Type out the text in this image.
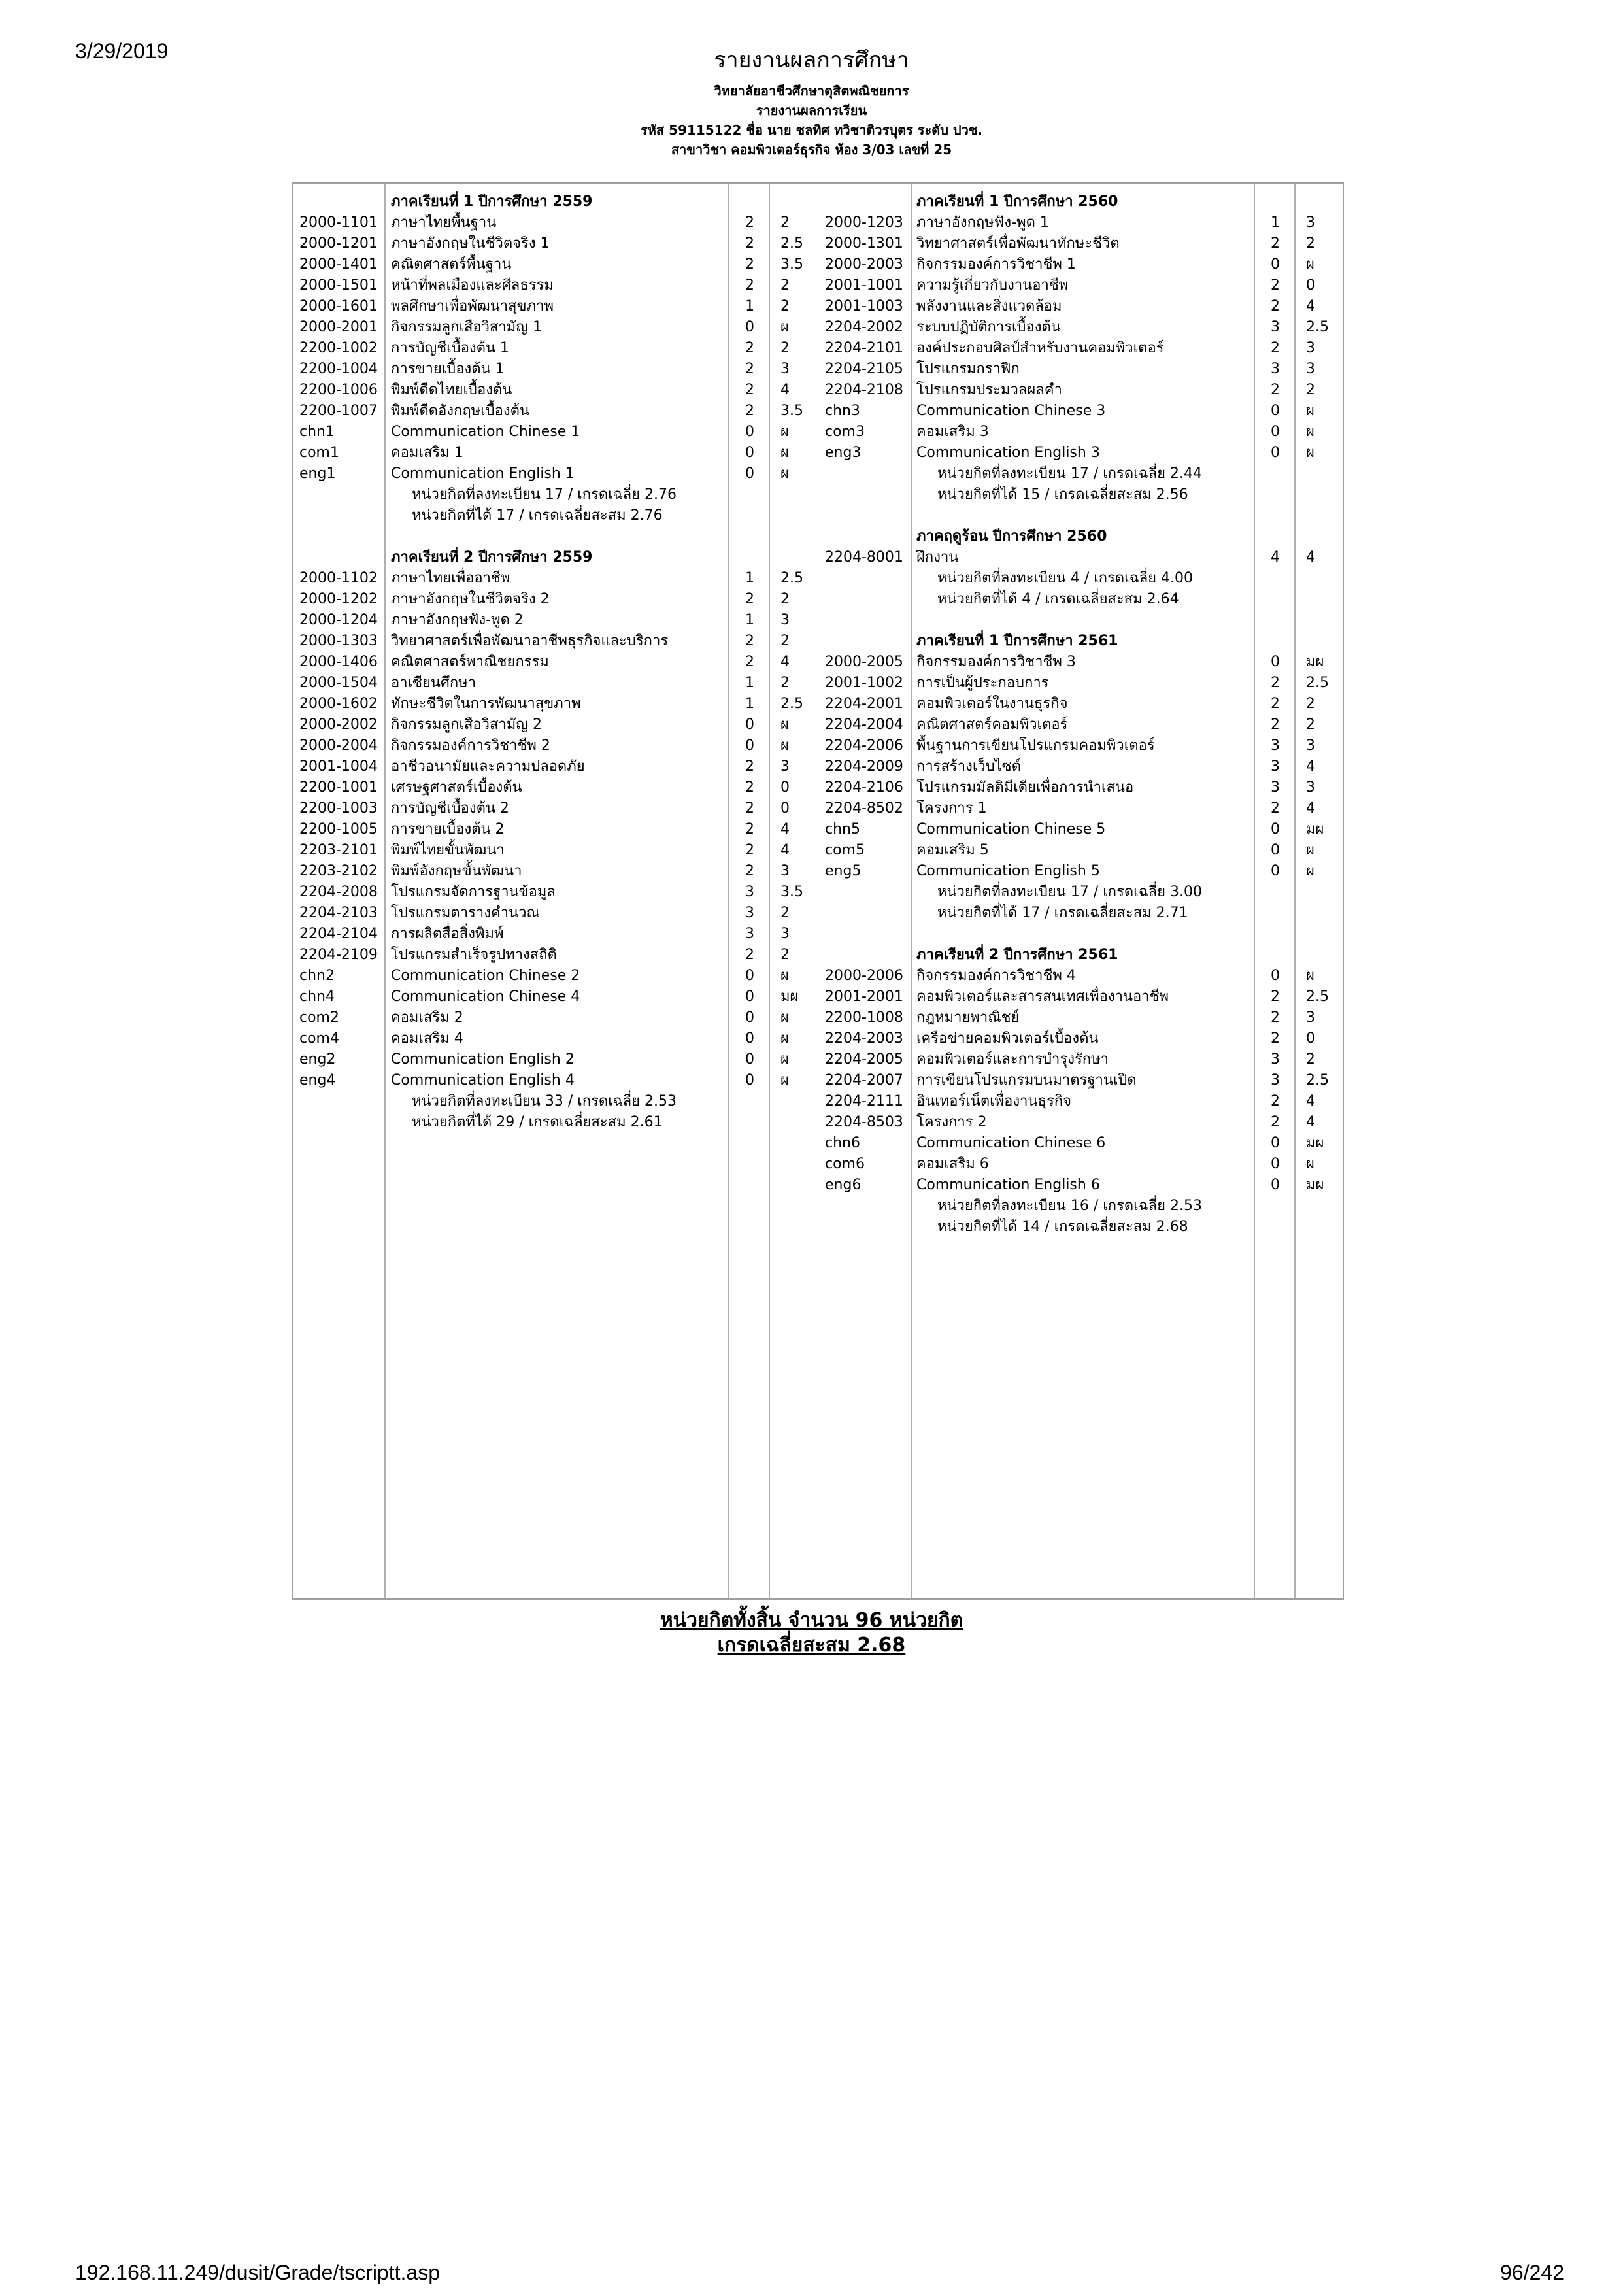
3/29/2019	รายงานผลการศึกษา
วิทยาลัยอาชีวศึกษาดุสิตพณิชยการ
รายงานผลการเรียน
รหัส 59115122 ชื่อ นาย ชลทิศ ทวิชาติวรบุตร ระดับ ปวช.
สาขาวิชา คอมพิวเตอร์ธุรกิจ ห้อง 3/03 เลขที่ 25
ภาคเรียนที่ 1 ปีการศึกษา 2559
2000-1101 ภาษาไทยพื้นฐาน	2 2
2000-1201 ภาษาอังกฤษในชีวิตจริง 1	2 2.5
2000-1401 คณิตศาสตร์พื้นฐาน	2 3.5
2000-1501 หน้าที่พลเมืองและศีลธรรม	2 2
2000-1601 พลศึกษาเพื่อพัฒนาสุขภาพ	1 2
2000-2001 กิจกรรมลูกเสือวิสามัญ 1	0 ผ
2200-1002 การบัญชีเบื้องต้น 1	2 2
2200-1004 การขายเบื้องต้น 1	2 3
2200-1006 พิมพ์ดีดไทยเบื้องต้น	2 4
2200-1007 พิมพ์ดีดอังกฤษเบื้องต้น	2 3.5
chn1	Communication Chinese 1	0 ผ
com1	คอมเสริม 1	0 ผ
eng1	Communication English 1	0 ผ
หน่วยกิตที่ลงทะเบียน 17 / เกรดเฉลี่ย 2.76
หน่วยกิตที่ได้ 17 / เกรดเฉลี่ยสะสม 2.76
ภาคเรียนที่ 2 ปีการศึกษา 2559
2000-1102 ภาษาไทยเพื่ออาชีพ	1 2.5
2000-1202 ภาษาอังกฤษในชีวิตจริง 2	2 2
2000-1204 ภาษาอังกฤษฟัง-พูด 2	1 3
2000-1303 วิทยาศาสตร์เพื่อพัฒนาอาชีพธุรกิจและบริการ	2 2
2000-1406 คณิตศาสตร์พาณิชยกรรม	2 4
2000-1504 อาเซียนศึกษา	1 2
2000-1602 ทักษะชีวิตในการพัฒนาสุขภาพ	1 2.5
2000-2002 กิจกรรมลูกเสือวิสามัญ 2	0 ผ
2000-2004 กิจกรรมองค์การวิชาชีพ 2	0 ผ
2001-1004 อาชีวอนามัยและความปลอดภัย	2 3
2200-1001 เศรษฐศาสตร์เบื้องต้น	2 0
2200-1003 การบัญชีเบื้องต้น 2	2 0
2200-1005 การขายเบื้องต้น 2	2 4
2203-2101 พิมพ์ไทยขั้นพัฒนา	2 4
2203-2102 พิมพ์อังกฤษขั้นพัฒนา	2 3
2204-2008 โปรแกรมจัดการฐานข้อมูล	3 3.5
2204-2103 โปรแกรมตารางคำนวณ	3 2
2204-2104 การผลิตสื่อสิ่งพิมพ์	3 3
2204-2109 โปรแกรมสำเร็จรูปทางสถิติ	2 2
chn2	Communication Chinese 2	0 ผ
chn4	Communication Chinese 4	0 มผ
com2	คอมเสริม 2	0 ผ
com4	คอมเสริม 4	0 ผ
eng2	Communication English 2	0 ผ
eng4	Communication English 4	0 ผ
หน่วยกิตที่ลงทะเบียน 33 / เกรดเฉลี่ย 2.53
หน่วยกิตที่ได้ 29 / เกรดเฉลี่ยสะสม 2.61
ภาคเรียนที่ 1 ปีการศึกษา 2560
2000-1203 ภาษาอังกฤษฟัง-พูด 1	1 3
2000-1301 วิทยาศาสตร์เพื่อพัฒนาทักษะชีวิต	2 2
2000-2003 กิจกรรมองค์การวิชาชีพ 1	0 ผ
2001-1001 ความรู้เกี่ยวกับงานอาชีพ	2 0
2001-1003 พลังงานและสิ่งแวดล้อม	2 4
2204-2002 ระบบปฏิบัติการเบื้องต้น	3 2.5
2204-2101 องค์ประกอบศิลป์สำหรับงานคอมพิวเตอร์	2 3
2204-2105 โปรแกรมกราฟิก	3 3
2204-2108 โปรแกรมประมวลผลคำ	2 2
chn3	Communication Chinese 3	0 ผ
com3	คอมเสริม 3	0 ผ
eng3	Communication English 3	0 ผ
หน่วยกิตที่ลงทะเบียน 17 / เกรดเฉลี่ย 2.44
หน่วยกิตที่ได้ 15 / เกรดเฉลี่ยสะสม 2.56
ภาคฤดูร้อน ปีการศึกษา 2560
2204-8001 ฝึกงาน	4 4
หน่วยกิตที่ลงทะเบียน 4 / เกรดเฉลี่ย 4.00
หน่วยกิตที่ได้ 4 / เกรดเฉลี่ยสะสม 2.64
ภาคเรียนที่ 1 ปีการศึกษา 2561
2000-2005 กิจกรรมองค์การวิชาชีพ 3	0 มผ
2001-1002 การเป็นผู้ประกอบการ	2 2.5
2204-2001 คอมพิวเตอร์ในงานธุรกิจ	2 2
2204-2004 คณิตศาสตร์คอมพิวเตอร์	2 2
2204-2006 พื้นฐานการเขียนโปรแกรมคอมพิวเตอร์	3 3
2204-2009 การสร้างเว็บไซต์	3 4
2204-2106 โปรแกรมมัลติมีเดียเพื่อการนำเสนอ	3 3
2204-8502 โครงการ 1	2 4
chn5	Communication Chinese 5	0 มผ
com5	คอมเสริม 5	0 ผ
eng5	Communication English 5	0 ผ
หน่วยกิตที่ลงทะเบียน 17 / เกรดเฉลี่ย 3.00
หน่วยกิตที่ได้ 17 / เกรดเฉลี่ยสะสม 2.71
ภาคเรียนที่ 2 ปีการศึกษา 2561
2000-2006 กิจกรรมองค์การวิชาชีพ 4	0 ผ
2001-2001 คอมพิวเตอร์และสารสนเทศเพื่องานอาชีพ	2 2.5
2200-1008 กฎหมายพาณิชย์	2 3
2204-2003 เครือข่ายคอมพิวเตอร์เบื้องต้น	2 0
2204-2005 คอมพิวเตอร์และการบำรุงรักษา	3 2
2204-2007 การเขียนโปรแกรมบนมาตรฐานเปิด	3 2.5
2204-2111 อินเทอร์เน็ตเพื่องานธุรกิจ	2 4
2204-8503 โครงการ 2	2 4
chn6	Communication Chinese 6	0 มผ
com6	คอมเสริม 6	0 ผ
eng6	Communication English 6	0 มผ
หน่วยกิตที่ลงทะเบียน 16 / เกรดเฉลี่ย 2.53
หน่วยกิตที่ได้ 14 / เกรดเฉลี่ยสะสม 2.68
หน่วยกิตทั้งสิ้น จำนวน 96 หน่วยกิต
เกรดเฉลี่ยสะสม 2.68
192.168.11.249/dusit/Grade/tscriptt.asp	96/242
